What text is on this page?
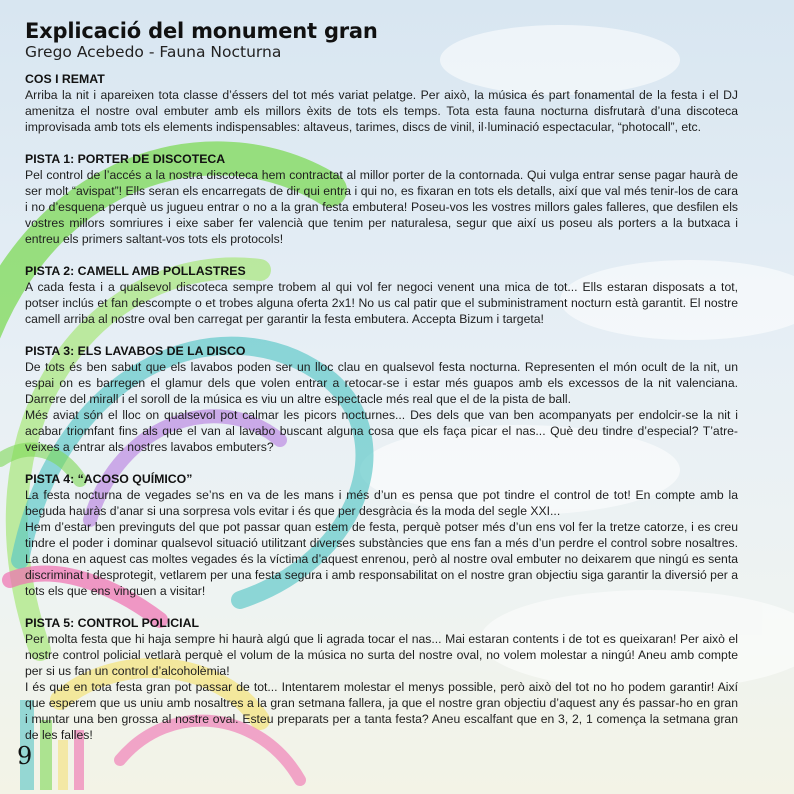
Explicació del monument gran

Grego Acebedo - Fauna Nocturna

COS I REMAT

Arriba la nit i apareixen tota classe d’éssers del tot més variat pelatge. Per això, la música és part fonamental de la festa i el DJ amenitza el nostre oval embuter amb els millors èxits de tots els temps. Tota esta fauna nocturna disfrutarà d’una discoteca improvisada amb tots els elements indispensables: altaveus, tarimes, discs de vinil, il·luminació espectacular, “photocall”, etc.

PISTA 1: PORTER DE DISCOTECA

Pel control de l’accés a la nostra discoteca hem contractat al millor porter de la contornada. Qui vulga entrar sense pagar haurà de ser molt “avispat”! Ells seran els encarregats de dir qui entra i qui no, es fixaran en tots els detalls, així que val més tenir-los de cara i no d’esquena perquè us jugueu entrar o no a la gran festa embutera! Poseu-vos les vostres millors gales falleres, que desfilen els vostres millors somriures i eixe saber fer valencià que tenim per naturalesa, segur que així us poseu als porters a la butxaca i entreu els primers saltant-vos tots els protocols!

PISTA 2: CAMELL AMB POLLASTRES

A cada festa i a qualsevol discoteca sempre trobem al qui vol fer negoci venent una mica de tot... Ells estaran disposats a tot, potser inclús et fan descompte o et trobes alguna oferta 2x1! No us cal patir que el subministrament nocturn està garantit. El nostre camell arriba al nostre oval ben carregat per garantir la festa embutera. Accepta Bizum i targeta!

PISTA 3: ELS LAVABOS DE LA DISCO

De tots és ben sabut que els lavabos poden ser un lloc clau en qualsevol festa nocturna. Representen el món ocult de la nit, un espai on es barregen el glamur dels que volen entrar a retocar-se i estar més guapos amb els excessos de la nit valenciana. Darrere del mirall i el soroll de la música es viu un altre espectacle més real que el de la pista de ball.

Més aviat són el lloc on qualsevol pot calmar les picors nocturnes... Des dels que van ben acompanyats per endolcir-se la nit i acabar triomfant fins als que el van al lavabo buscant alguna cosa que els faça picar el nas... Què deu tindre d’especial? T’atre-veixes a entrar als nostres lavabos embuters?

PISTA 4: “ACOSO QUÍMICO”

La festa nocturna de vegades se’ns en va de les mans i més d’un es pensa que pot tindre el control de tot! En compte amb la beguda hauràs d’anar si una sorpresa vols evitar i és que per desgràcia és la moda del segle XXI...

Hem d’estar ben previnguts del que pot passar quan estem de festa, perquè potser més d’un ens vol fer la tretze catorze, i es creu tindre el poder i dominar qualsevol situació utilitzant diverses substàncies que ens fan a més d’un perdre el control sobre nosaltres. La dona en aquest cas moltes vegades és la víctima d’aquest enrenou, però al nostre oval embuter no deixarem que ningú es senta discriminat i desprotegit, vetlarem per una festa segura i amb responsabilitat on el nostre gran objectiu siga garantir la diversió per a tots els que ens vinguen a visitar!

PISTA 5: CONTROL POLICIAL

Per molta festa que hi haja sempre hi haurà algú que li agrada tocar el nas... Mai estaran contents i de tot es queixaran! Per això el nostre control policial vetlarà perquè el volum de la música no surta del nostre oval, no volem molestar a ningú! Aneu amb compte per si us fan un control d’alcoholèmia!

I és que en tota festa gran pot passar de tot... Intentarem molestar el menys possible, però això del tot no ho podem garantir! Així que esperem que us uniu amb nosaltres a la gran setmana fallera, ja que el nostre gran objectiu d’aquest any és passar-ho en gran i muntar una ben grossa al nostre oval. Esteu preparats per a tanta festa? Aneu escalfant que en 3, 2, 1 comença la setmana gran de les falles!

9
